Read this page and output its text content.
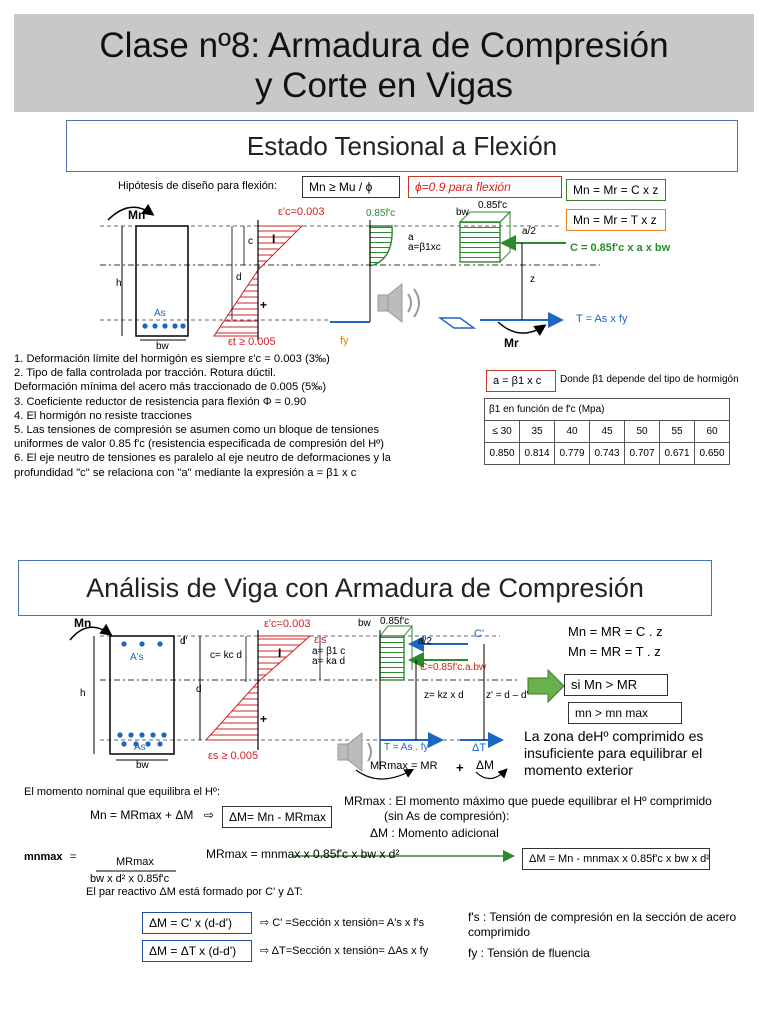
Clase nº8: Armadura de Compresión
y Corte en Vigas
Estado Tensional a Flexión
Hipótesis de diseño para flexión:	Mn ≥ Mu / ϕ	ϕ=0.9 para flexión	Mn = Mr = C x z
Mn = Mr = T x z
Mn
As
bw
h
c
d
ε'c=0.003
εt ≥ 0.005
+
I
0.85f'c
a
a=β1xc
fy
bw
0.85f'c
a/2
C = 0.85f'c x a x bw
z
T = As x fy
Mr
1. Deformación límite del hormigón es siempre ε'c = 0.003 (3‰)
2. Tipo de falla controlada por tracción. Rotura dúctil.
Deformación mínima del acero más traccionado de 0.005 (5‰)
3. Coeficiente reductor de resistencia para flexión Φ = 0.90
4. El hormigón no resiste tracciones
5. Las tensiones de compresión se asumen como un bloque de tensiones
uniformes de valor 0.85 f'c (resistencia especificada de compresión del Hº)
6. El eje neutro de tensiones es paralelo al eje neutro de deformaciones y la
profundidad "c" se relaciona con "a" mediante la expresión a = β1 x c
a = β1 x c	Donde β1 depende del tipo de hormigón
β1 en función de f'c (Mpa)						
≤ 30	35	40	45	50	55	60
0.850	0.814	0.779	0.743	0.707	0.671	0.650
Análisis de Viga con Armadura de Compresión
Mn
A's
As
bw
h	d
d'
c= kc d
ε'c=0.003
ε's
εs ≥ 0.005
I
+
a= β1 c
a= ka d
bw 0.85f'c
a/2
C'
C=0.85f'c.a.bw
z= kz x d z' = d – d'
T = As . fy	ΔT
MRmax = MR + ΔM
Mn = MR = C . z
Mn = MR = T . z
si Mn > MR
mn > mn max
La zona deHº comprimido es insuficiente para equilibrar el momento exterior
El momento nominal que equilibra el Hº:
Mn = MRmax + ΔM ⇨	ΔM= Mn - MRmax
MRmax : El momento máximo que puede equilibrar el Hº comprimido
(sin As de compresión):
ΔM : Momento adicional
mnmax =	MRmax
bw x d² x 0.85f'c
MRmax = mnmax x 0.85f'c x bw x d²	ΔM = Mn - mnmax x 0.85f'c x bw x d²
El par reactivo ΔM está formado por C' y ΔT:
ΔM = C' x (d-d')
ΔM = ΔT x (d-d')
⇨ C' =Sección x tensión= A's x f's
⇨ ΔT=Sección x tensión= ΔAs x fy
f's : Tensión de compresión en la sección de acero comprimido
fy : Tensión de fluencia
